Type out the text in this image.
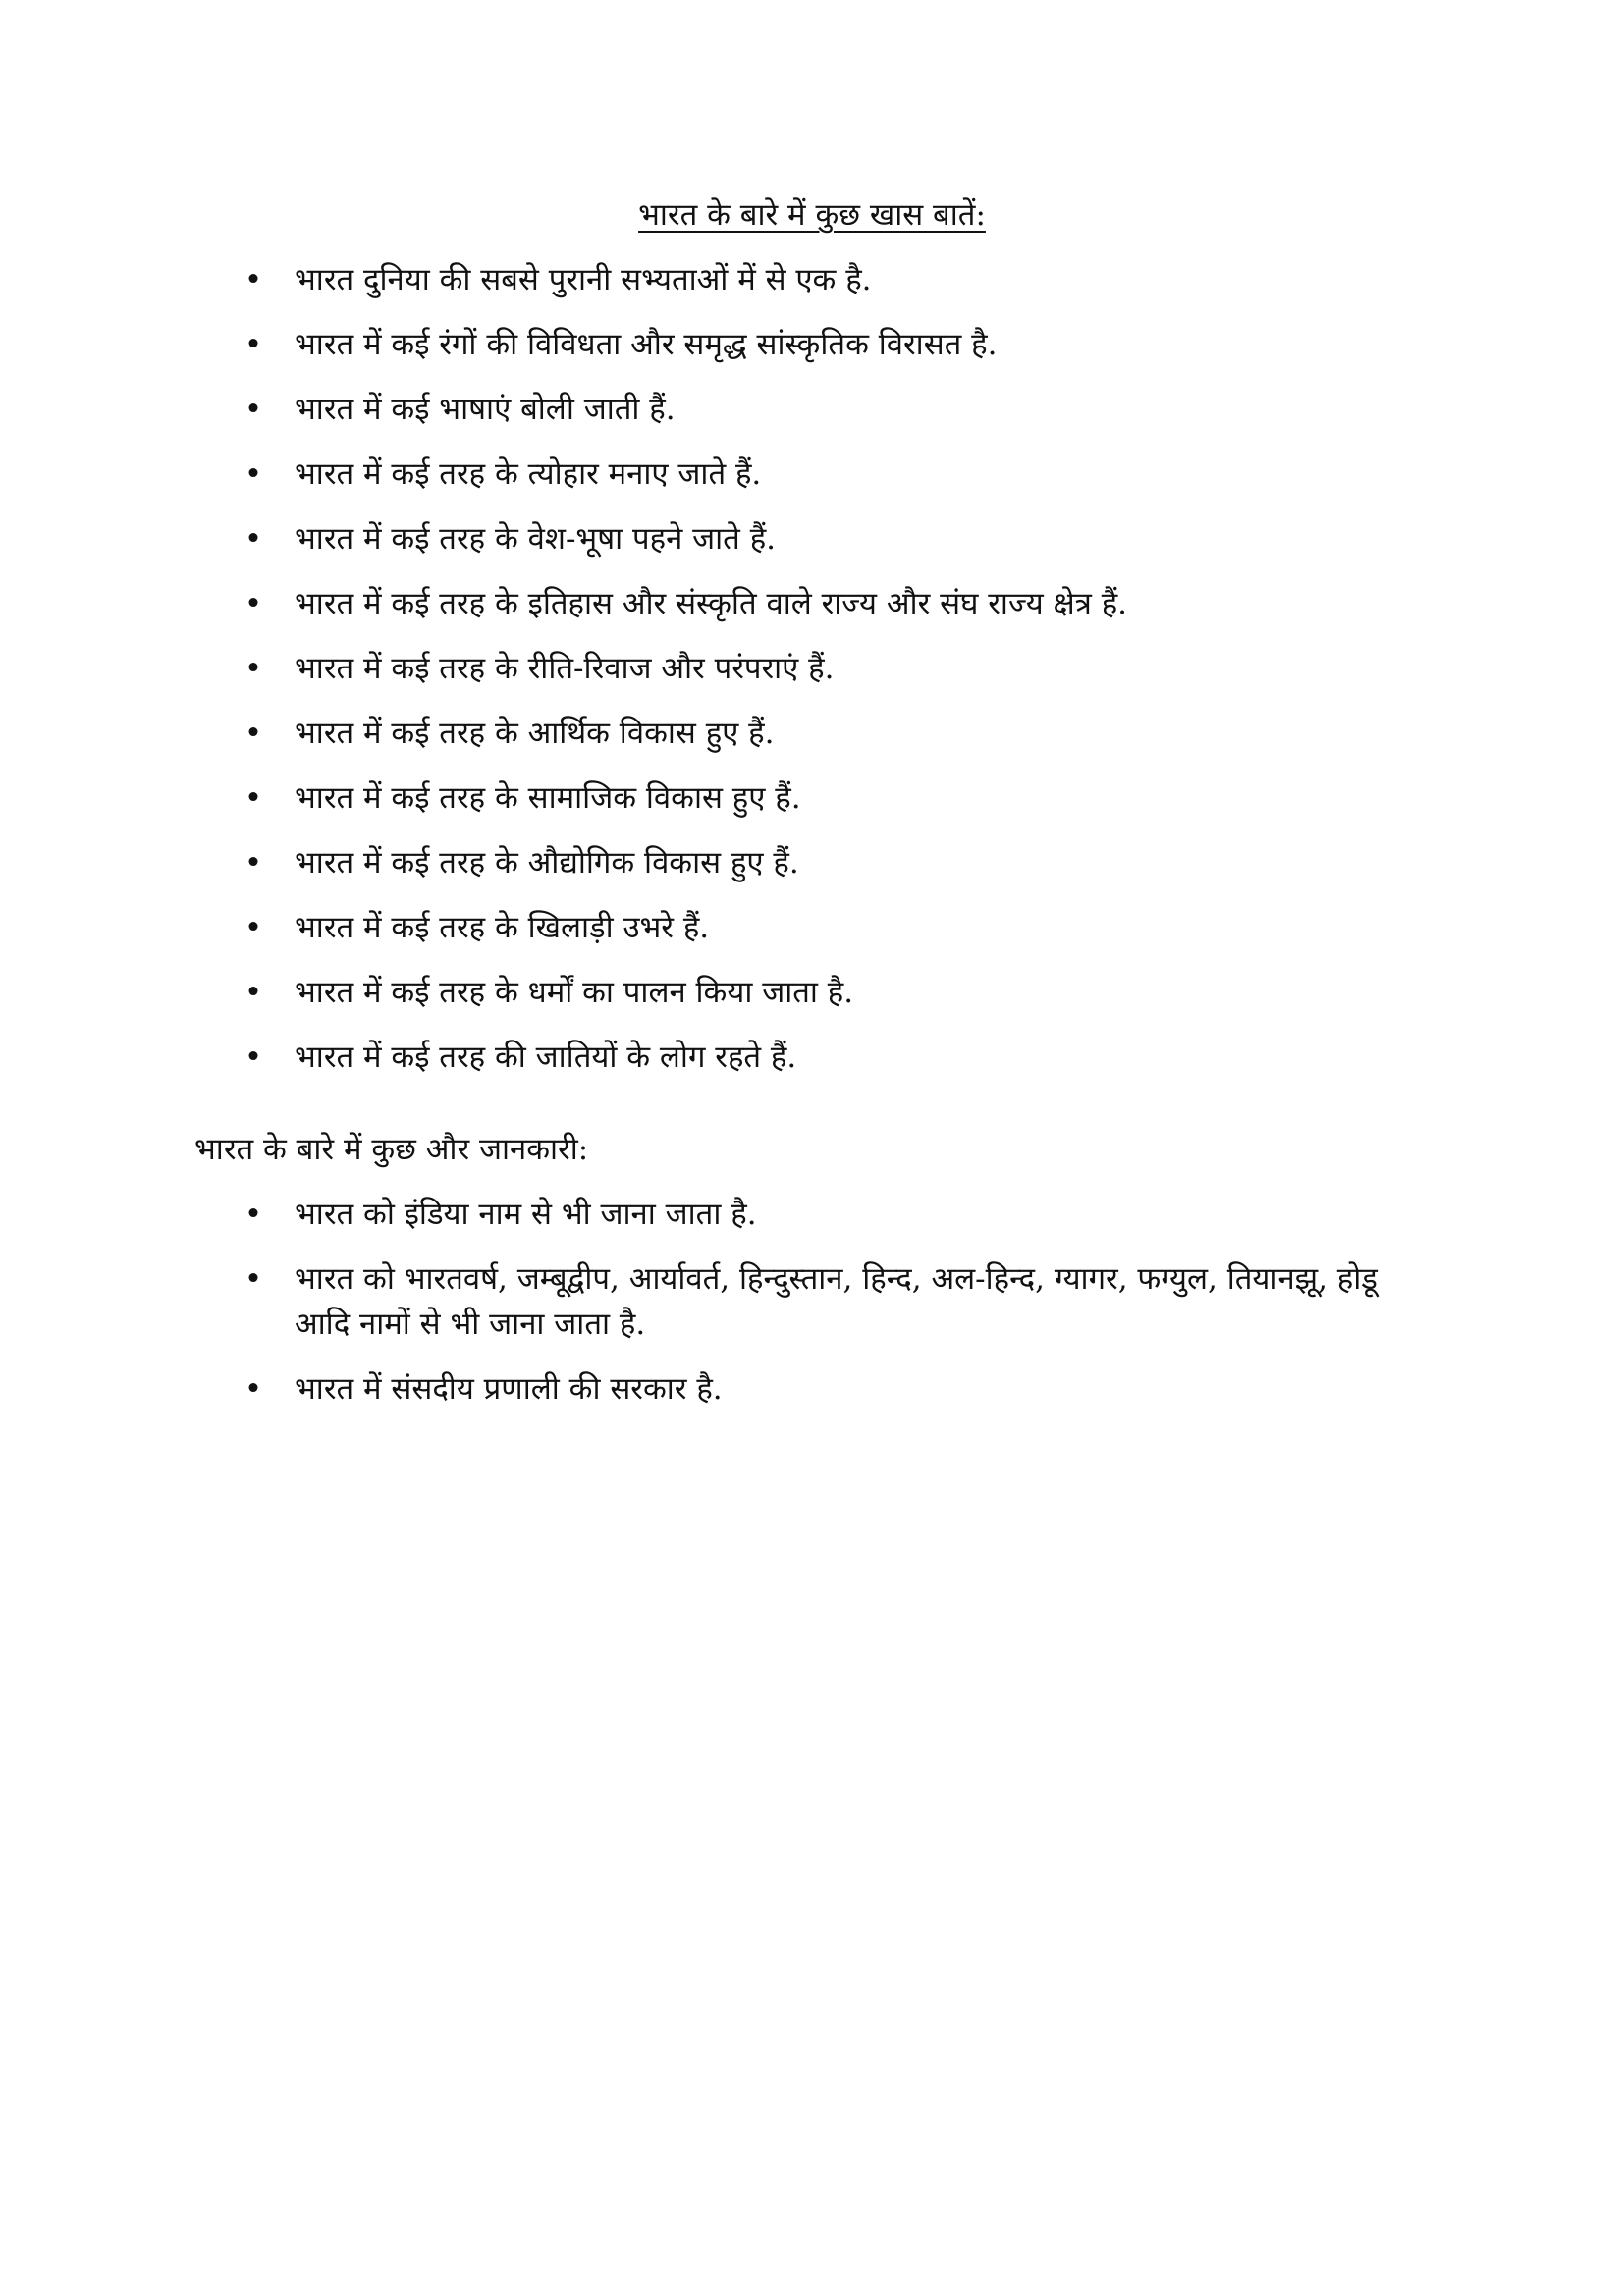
भारत के बारे में कुछ खास बातें:
• भारत दुनिया की सबसे पुरानी सभ्यताओं में से एक है.
• भारत में कई रंगों की विविधता और समृद्ध सांस्कृतिक विरासत है.
• भारत में कई भाषाएं बोली जाती हैं.
• भारत में कई तरह के त्योहार मनाए जाते हैं.
• भारत में कई तरह के वेश-भूषा पहने जाते हैं.
• भारत में कई तरह के इतिहास और संस्कृति वाले राज्य और संघ राज्य क्षेत्र हैं.
• भारत में कई तरह के रीति-रिवाज और परंपराएं हैं.
• भारत में कई तरह के आर्थिक विकास हुए हैं.
• भारत में कई तरह के सामाजिक विकास हुए हैं.
• भारत में कई तरह के औद्योगिक विकास हुए हैं.
• भारत में कई तरह के खिलाड़ी उभरे हैं.
• भारत में कई तरह के धर्मों का पालन किया जाता है.
• भारत में कई तरह की जातियों के लोग रहते हैं.

भारत के बारे में कुछ और जानकारी:

• भारत को इंडिया नाम से भी जाना जाता है.
• भारत को भारतवर्ष, जम्बूद्वीप, आर्यावर्त, हिन्दुस्तान, हिन्द, अल-हिन्द, ग्यागर, फग्युल, तियानझू, होडू आदि नामों से भी जाना जाता है.
• भारत में संसदीय प्रणाली की सरकार है.
